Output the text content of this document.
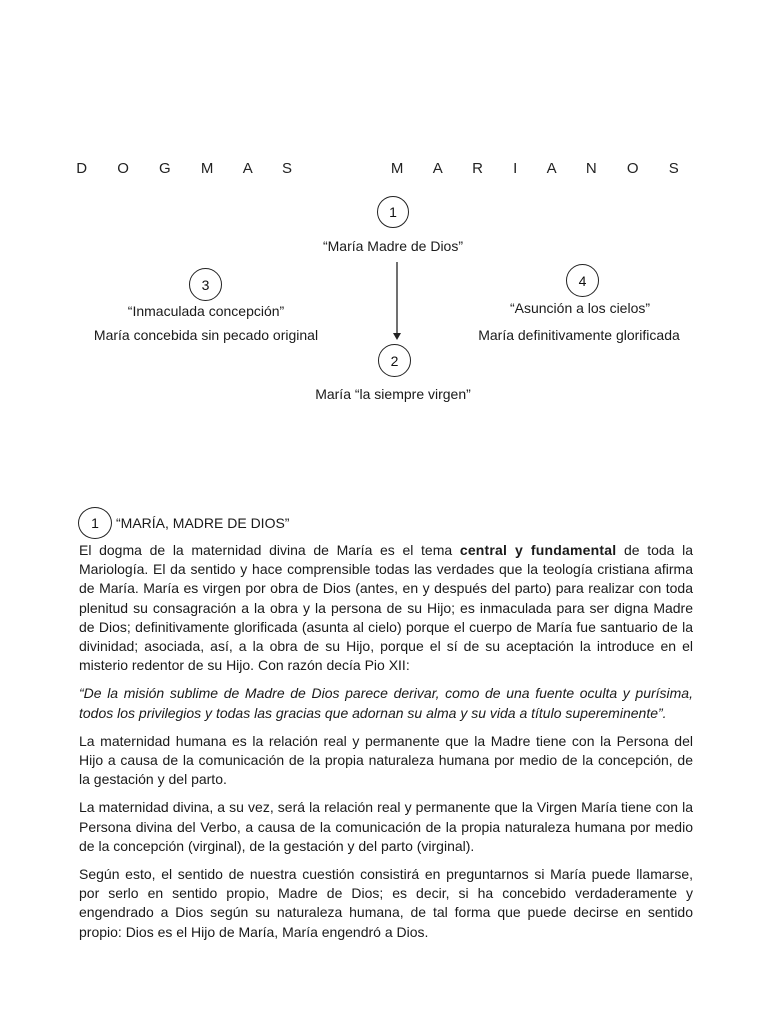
D O G M A S     M A R I A N O S
1
“María Madre de Dios”
2
María “la siempre virgen”
3
“Inmaculada concepción”
María concebida sin pecado original
4
“Asunción a los cielos”
María definitivamente glorificada
1 “MARÍA, MADRE DE DIOS”

El dogma de la maternidad divina de María es el tema central y fundamental de toda la Mariología. El da sentido y hace comprensible todas las verdades que la teología cristiana afirma de María. María es virgen por obra de Dios (antes, en y después del parto) para realizar con toda plenitud su consagración a la obra y la persona de su Hijo; es inmaculada para ser digna Madre de Dios; definitivamente glorificada (asunta al cielo) porque el cuerpo de María fue santuario de la divinidad; asociada, así, a la obra de su Hijo, porque el sí de su aceptación la introduce en el misterio redentor de su Hijo. Con razón decía Pio XII:

“De la misión sublime de Madre de Dios parece derivar, como de una fuente oculta y purísima, todos los privilegios y todas las gracias que adornan su alma y su vida a título supereminente”.

La maternidad humana es la relación real y permanente que la Madre tiene con la Persona del Hijo a causa de la comunicación de la propia naturaleza humana por medio de la concepción, de la gestación y del parto.

La maternidad divina, a su vez, será la relación real y permanente que la Virgen María tiene con la Persona divina del Verbo, a causa de la comunicación de la propia naturaleza humana por medio de la concepción (virginal), de la gestación y del parto (virginal).

Según esto, el sentido de nuestra cuestión consistirá en preguntarnos si María puede llamarse, por serlo en sentido propio, Madre de Dios; es decir, si ha concebido verdaderamente y engendrado a Dios según su naturaleza humana, de tal forma que puede decirse en sentido propio: Dios es el Hijo de María, María engendró a Dios.
